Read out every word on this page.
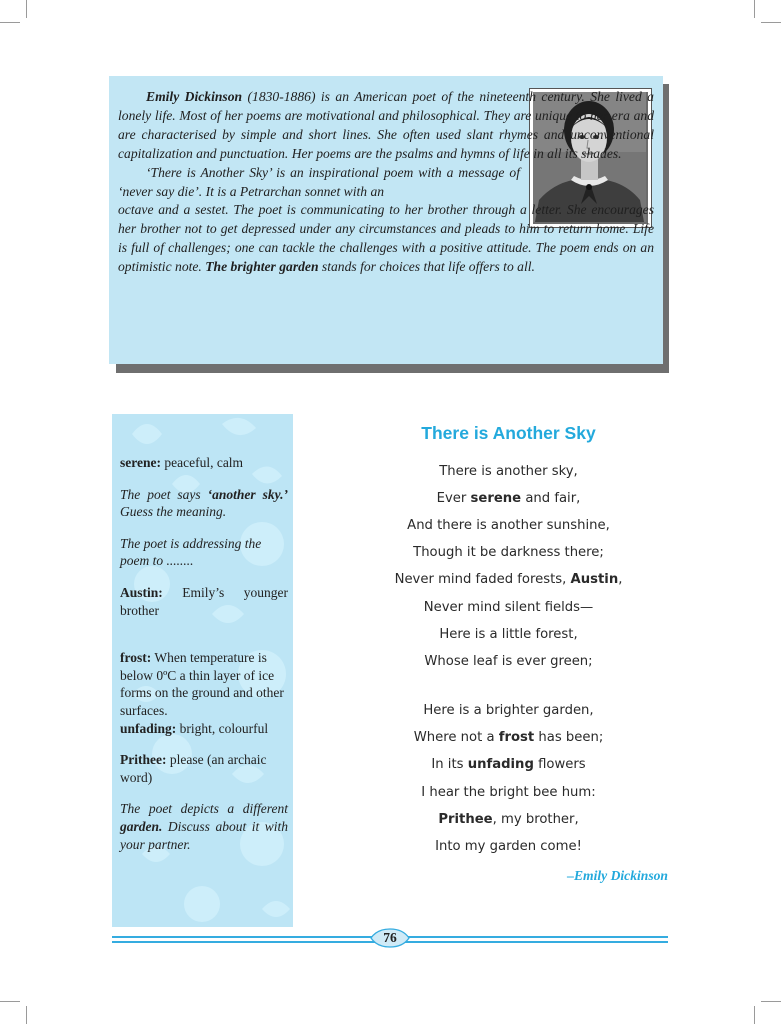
Emily Dickinson (1830-1886) is an American poet of the nineteenth century. She lived a lonely life. Most of her poems are motivational and philosophical. They are unique to her era and are characterised by simple and short lines. She often used slant rhymes and unconventional capitalization and punctuation. Her poems are the psalms and hymns of life in all its shades.

‘There is Another Sky’ is an inspirational poem with a message of ‘never say die’. It is a Petrarchan sonnet with an

octave and a sestet. The poet is communicating to her brother through a letter. She encourages her brother not to get depressed under any circumstances and pleads to him to return home. Life is full of challenges; one can tackle the challenges with a positive attitude. The poem ends on an optimistic note. The brighter garden stands for choices that life offers to all.

serene: peaceful, calm

The poet says ‘another sky.’ Guess the meaning.

The poet is addressing the poem to ........

Austin: Emily’s younger brother

frost: When temperature is below 0ºC a thin layer of ice forms on the ground and other surfaces.

unfading: bright, colourful

Prithee: please (an archaic word)

The poet depicts a different garden. Discuss about it with your partner.

There is Another Sky
There is another sky,
Ever serene and fair,
And there is another sunshine,
Though it be darkness there;
Never mind faded forests, Austin,
Never mind silent fields—
Here is a little forest,
Whose leaf is ever green;
Here is a brighter garden,
Where not a frost has been;
In its unfading flowers
I hear the bright bee hum:
Prithee, my brother,
Into my garden come!
–Emily Dickinson
76
